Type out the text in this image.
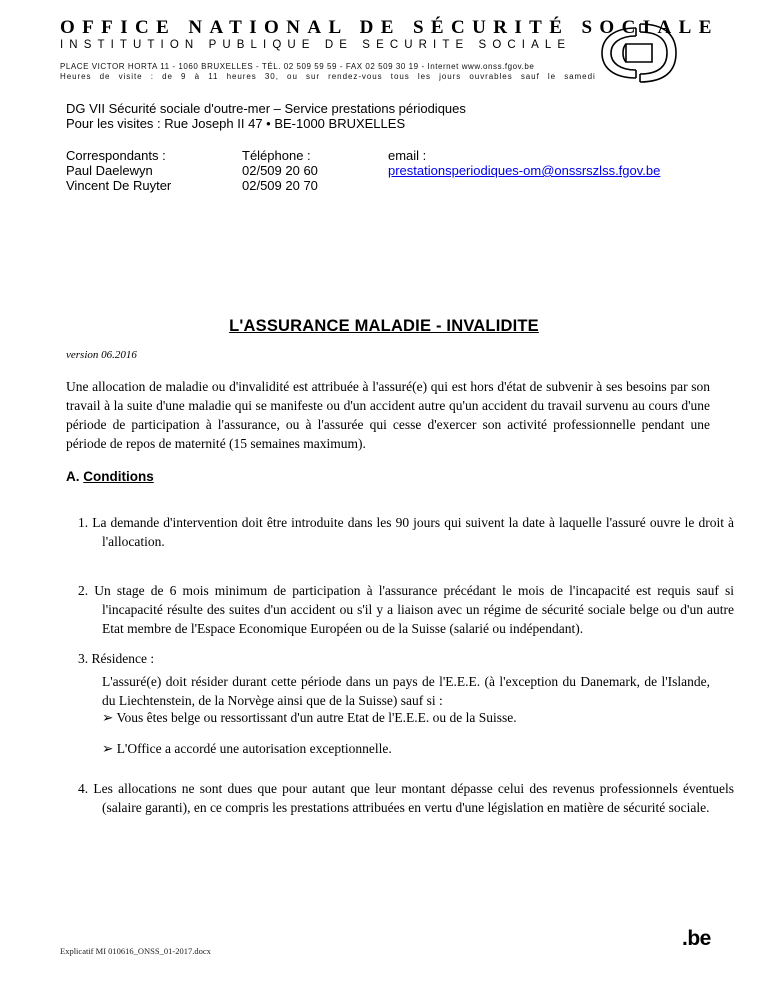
OFFICE NATIONAL DE SÉCURITÉ SOCIALE
INSTITUTION PUBLIQUE DE SECURITE SOCIALE
PLACE VICTOR HORTA 11 - 1060 BRUXELLES - TÉL. 02 509 59 59 - FAX 02 509 30 19 - Internet www.onss.fgov.be
Heures de visite : de 9 à 11 heures 30, ou sur rendez-vous tous les jours ouvrables sauf le samedi
DG VII Sécurité sociale d'outre-mer – Service prestations périodiques
Pour les visites : Rue Joseph II 47 • BE-1000 BRUXELLES
Correspondants :
Paul Daelewyn
Vincent De Ruyter
Téléphone :
02/509 20 60
02/509 20 70
email :
prestationsperiodiques-om@onssrszlss.fgov.be
L'ASSURANCE MALADIE - INVALIDITE
version 06.2016
Une allocation de maladie ou d'invalidité est attribuée à l'assuré(e) qui est hors d'état de subvenir à ses besoins par son travail à la suite d'une maladie qui se manifeste ou d'un accident autre qu'un accident du travail survenu au cours d'une période de participation à l'assurance, ou à l'assurée qui cesse d'exercer son activité professionnelle pendant une période de repos de maternité (15 semaines maximum).
A. Conditions
1. La demande d'intervention doit être introduite dans les 90 jours qui suivent la date à laquelle l'assuré ouvre le droit à l'allocation.
2. Un stage de 6 mois minimum de participation à l'assurance précédant le mois de l'incapacité est requis sauf si l'incapacité résulte des suites d'un accident ou s'il y a liaison avec un régime de sécurité sociale belge ou d'un autre Etat membre de l'Espace Economique Européen ou de la Suisse (salarié ou indépendant).
3. Résidence :
L'assuré(e) doit résider durant cette période dans un pays de l'E.E.E. (à l'exception du Danemark, de l'Islande, du Liechtenstein, de la Norvège ainsi que de la Suisse) sauf si :
➢ Vous êtes belge ou ressortissant d'un autre Etat de l'E.E.E. ou de la Suisse.
➢ L'Office a accordé une autorisation exceptionnelle.
4. Les allocations ne sont dues que pour autant que leur montant dépasse celui des revenus professionnels éventuels (salaire garanti), en ce compris les prestations attribuées en vertu d'une législation en matière de sécurité sociale.
Explicatif MI 010616_ONSS_01-2017.docx
.be
